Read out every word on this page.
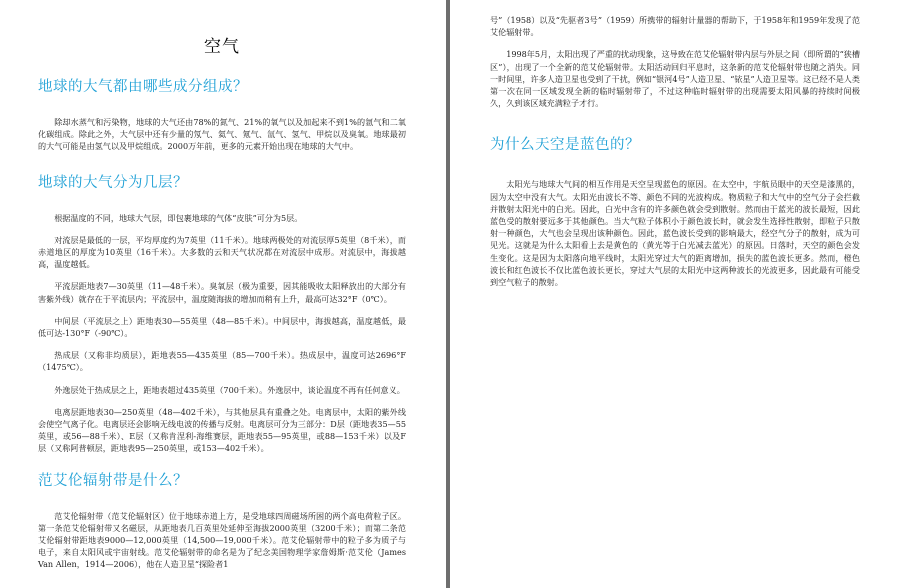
空气
地球的大气都由哪些成分组成？

除却水蒸气和污染物，地球的大气还由78%的氮气、21%的氧气以及加起来不到1%的氩气和二氧化碳组成。除此之外，大气层中还有少量的氖气、氦气、氪气、氙气、氢气、甲烷以及臭氧。地球最初的大气可能是由氢气以及甲烷组成。2000万年前，更多的元素开始出现在地球的大气中。

地球的大气分为几层？

根据温度的不同，地球大气层，即包裹地球的气体“皮肤”可分为5层。

对流层是最低的一层，平均厚度约为7英里（11千米）。地球两极处的对流层厚5英里（8千米），而赤道地区的厚度为10英里（16千米）。大多数的云和天气状况都在对流层中成形。对流层中，海拔越高，温度越低。

平流层距地表7—30英里（11—48千米）。臭氧层（极为重要，因其能吸收太阳释放出的大部分有害紫外线）就存在于平流层内；平流层中，温度随海拔的增加而稍有上升，最高可达32°F（0℃）。

中间层（平流层之上）距地表30—55英里（48—85千米）。中间层中，海拔越高，温度越低，最低可达-130°F（-90℃）。

热成层（又称非均质层），距地表55—435英里（85—700千米）。热成层中，温度可达2696°F（1475℃）。

外逸层处于热成层之上，距地表超过435英里（700千米）。外逸层中，谈论温度不再有任何意义。

电离层距地表30—250英里（48—402千米），与其他层具有重叠之处。电离层中，太阳的紫外线会使空气离子化。电离层还会影响无线电波的传播与反射。电离层可分为三部分：D层（距地表35—55英里，或56—88千米）、E层（又称肯涅利-海维赛层，距地表55—95英里，或88—153千米）以及F层（又称阿普顿层，距地表95—250英里，或153—402千米）。

范艾伦辐射带是什么？

范艾伦辐射带（范艾伦辐射区）位于地球赤道上方，是受地球四周磁场所困的两个高电荷粒子区。第一条范艾伦辐射带又名磁层，从距地表几百英里处延伸至海拔2000英里（3200千米）；而第二条范艾伦辐射带距地表9000—12,000英里（14,500—19,000千米）。范艾伦辐射带中的粒子多为质子与电子，来自太阳风或宇宙射线。范艾伦辐射带的命名是为了纪念美国物理学家詹姆斯·范艾伦（James Van Allen，1914—2006），他在人造卫星“探险者1

号”（1958）以及“先驱者3号”（1959）所携带的辐射计量器的帮助下，于1958年和1959年发现了范艾伦辐射带。

1998年5月，太阳出现了严重的扰动现象，这导致在范艾伦辐射带内层与外层之间（即所谓的“狭槽区”），出现了一个全新的范艾伦辐射带。太阳活动回归平息时，这条新的范艾伦辐射带也随之消失。同一时间里，许多人造卫星也受到了干扰，例如“银河4号”人造卫星、“铱星”人造卫星等。这已经不是人类第一次在同一区域发现全新的临时辐射带了，不过这种临时辐射带的出现需要太阳风暴的持续时间极久，久到该区域充满粒子才行。

为什么天空是蓝色的？

太阳光与地球大气间的相互作用是天空呈现蓝色的原因。在太空中，宇航员眼中的天空是漆黑的，因为太空中没有大气。太阳光由波长不等、颜色不同的光波构成。物质粒子和大气中的空气分子会拦截并散射太阳光中的白光。因此，白光中含有的许多颜色就会受到散射。然而由于蓝光的波长最短，因此蓝色受的散射要远多于其他颜色。当大气粒子体积小于颜色波长时，就会发生选择性散射，即粒子只散射一种颜色，大气也会呈现出该种颜色。因此，蓝色波长受到的影响最大，经空气分子的散射，成为可见光。这就是为什么太阳看上去是黄色的（黄光等于白光减去蓝光）的原因。日落时，天空的颜色会发生变化。这是因为太阳落向地平线时，太阳光穿过大气的距离增加，损失的蓝色波长更多。然而，橙色波长和红色波长不仅比蓝色波长更长，穿过大气层的太阳光中这两种波长的光波更多，因此最有可能受到空气粒子的散射。
